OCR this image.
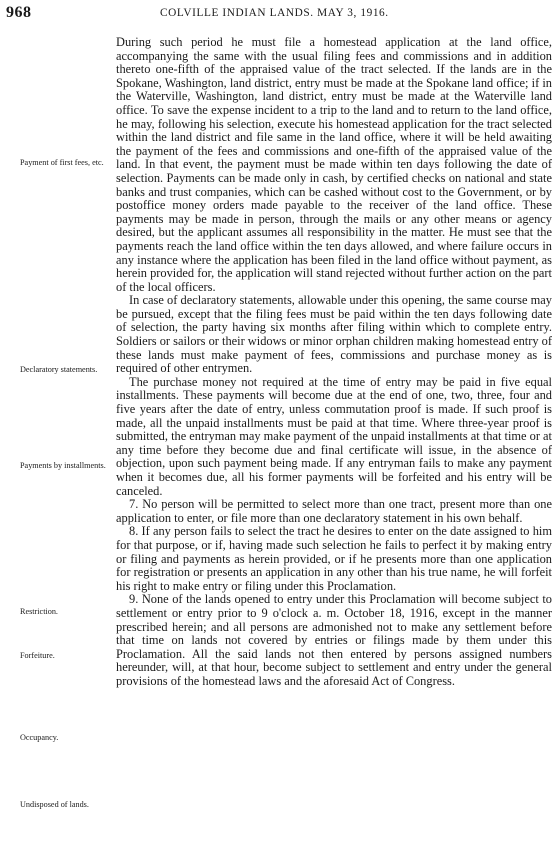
968	COLVILLE INDIAN LANDS. MAY 3, 1916.
Payment of first fees, etc.
Declaratory statements.
Payments by installments.
Restriction.
Forfeiture.
Occupancy.
Undisposed of lands.

During such period he must file a homestead application at the land office, accompanying the same with the usual filing fees and commissions and in addition thereto one-fifth of the appraised value of the tract selected. If the lands are in the Spokane, Washington, land district, entry must be made at the Spokane land office; if in the Waterville, Washington, land district, entry must be made at the Waterville land office. To save the expense incident to a trip to the land and to return to the land office, he may, following his selection, execute his homestead application for the tract selected within the land district and file same in the land office, where it will be held awaiting the payment of the fees and commissions and one-fifth of the appraised value of the land. In that event, the payment must be made within ten days following the date of selection. Payments can be made only in cash, by certified checks on national and state banks and trust companies, which can be cashed without cost to the Government, or by postoffice money orders made payable to the receiver of the land office. These payments may be made in person, through the mails or any other means or agency desired, but the applicant assumes all responsibility in the matter. He must see that the payments reach the land office within the ten days allowed, and where failure occurs in any instance where the application has been filed in the land office without payment, as herein provided for, the application will stand rejected without further action on the part of the local officers.

In case of declaratory statements, allowable under this opening, the same course may be pursued, except that the filing fees must be paid within the ten days following date of selection, the party having six months after filing within which to complete entry. Soldiers or sailors or their widows or minor orphan children making homestead entry of these lands must make payment of fees, commissions and purchase money as is required of other entrymen.

The purchase money not required at the time of entry may be paid in five equal installments. These payments will become due at the end of one, two, three, four and five years after the date of entry, unless commutation proof is made. If such proof is made, all the unpaid installments must be paid at that time. Where three-year proof is submitted, the entryman may make payment of the unpaid installments at that time or at any time before they become due and final certificate will issue, in the absence of objection, upon such payment being made. If any entryman fails to make any payment when it becomes due, all his former payments will be forfeited and his entry will be canceled.

7. No person will be permitted to select more than one tract, present more than one application to enter, or file more than one declaratory statement in his own behalf.

8. If any person fails to select the tract he desires to enter on the date assigned to him for that purpose, or if, having made such selection he fails to perfect it by making entry or filing and payments as herein provided, or if he presents more than one application for registration or presents an application in any other than his true name, he will forfeit his right to make entry or filing under this Proclamation.

9. None of the lands opened to entry under this Proclamation will become subject to settlement or entry prior to 9 o'clock a. m. October 18, 1916, except in the manner prescribed herein; and all persons are admonished not to make any settlement before that time on lands not covered by entries or filings made by them under this Proclamation. All the said lands not then entered by persons assigned numbers hereunder, will, at that hour, become subject to settlement and entry under the general provisions of the homestead laws and the aforesaid Act of Congress.
